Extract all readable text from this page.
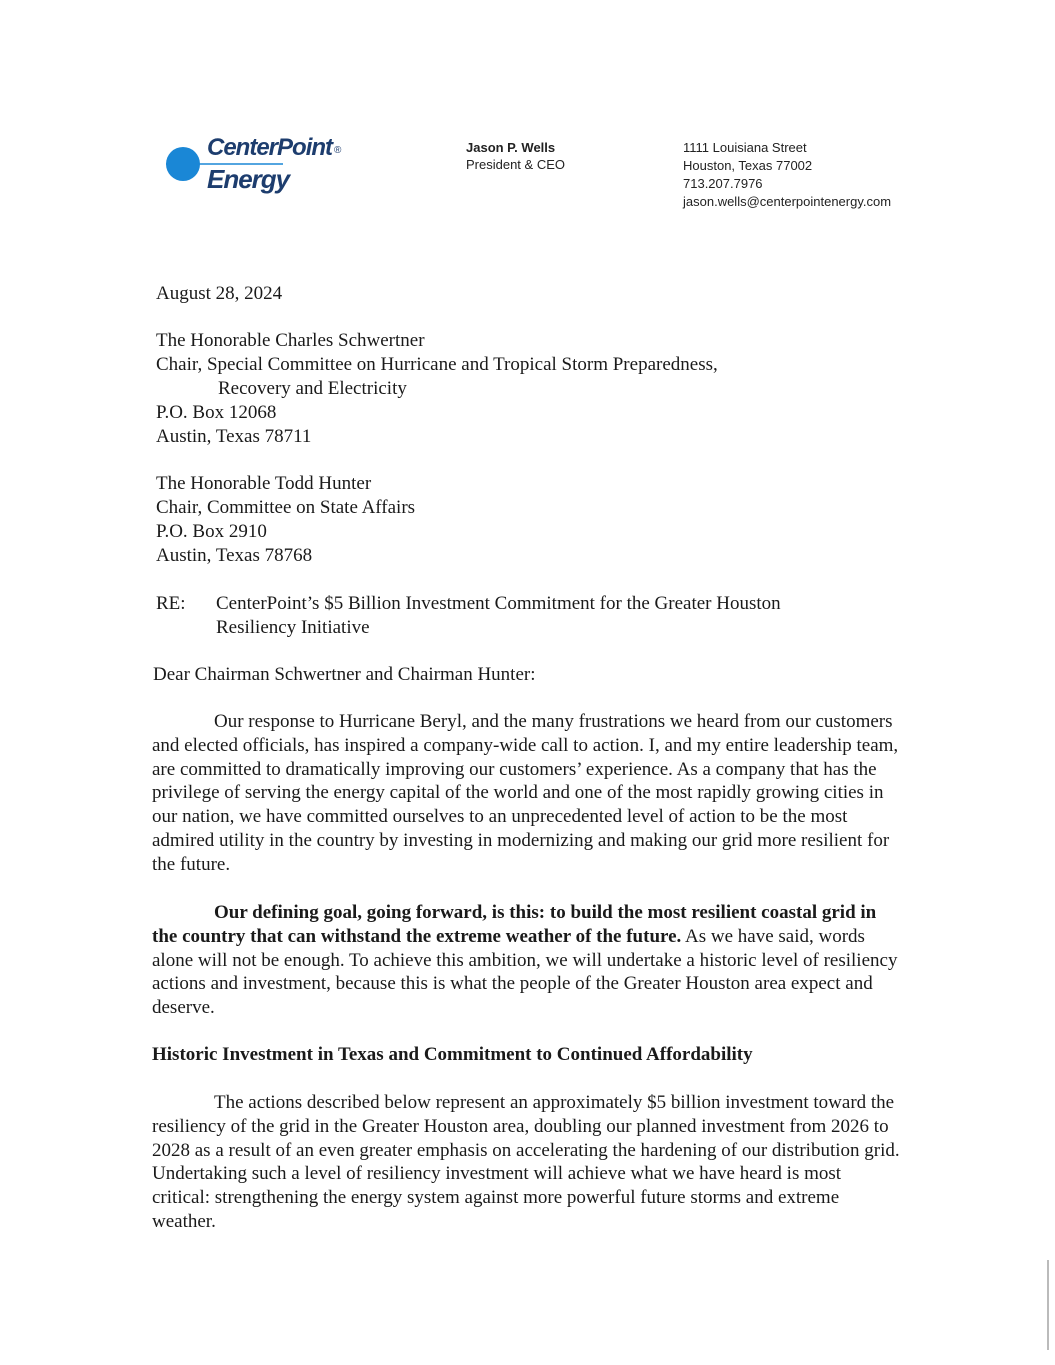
CenterPoint ®
Energy
Jason P. Wells
President & CEO
1111 Louisiana Street
Houston, Texas 77002
713.207.7976
jason.wells@centerpointenergy.com
August 28, 2024
The Honorable Charles Schwertner
Chair, Special Committee on Hurricane and Tropical Storm Preparedness,
Recovery and Electricity
P.O. Box 12068
Austin, Texas 78711
The Honorable Todd Hunter
Chair, Committee on State Affairs
P.O. Box 2910
Austin, Texas 78768
RE: CenterPoint’s $5 Billion Investment Commitment for the Greater Houston Resiliency Initiative
Dear Chairman Schwertner and Chairman Hunter:
Our response to Hurricane Beryl, and the many frustrations we heard from our customers and elected officials, has inspired a company-wide call to action. I, and my entire leadership team, are committed to dramatically improving our customers’ experience. As a company that has the privilege of serving the energy capital of the world and one of the most rapidly growing cities in our nation, we have committed ourselves to an unprecedented level of action to be the most admired utility in the country by investing in modernizing and making our grid more resilient for the future.
Our defining goal, going forward, is this: to build the most resilient coastal grid in the country that can withstand the extreme weather of the future. As we have said, words alone will not be enough. To achieve this ambition, we will undertake a historic level of resiliency actions and investment, because this is what the people of the Greater Houston area expect and deserve.
Historic Investment in Texas and Commitment to Continued Affordability
The actions described below represent an approximately $5 billion investment toward the resiliency of the grid in the Greater Houston area, doubling our planned investment from 2026 to 2028 as a result of an even greater emphasis on accelerating the hardening of our distribution grid. Undertaking such a level of resiliency investment will achieve what we have heard is most critical: strengthening the energy system against more powerful future storms and extreme weather.
